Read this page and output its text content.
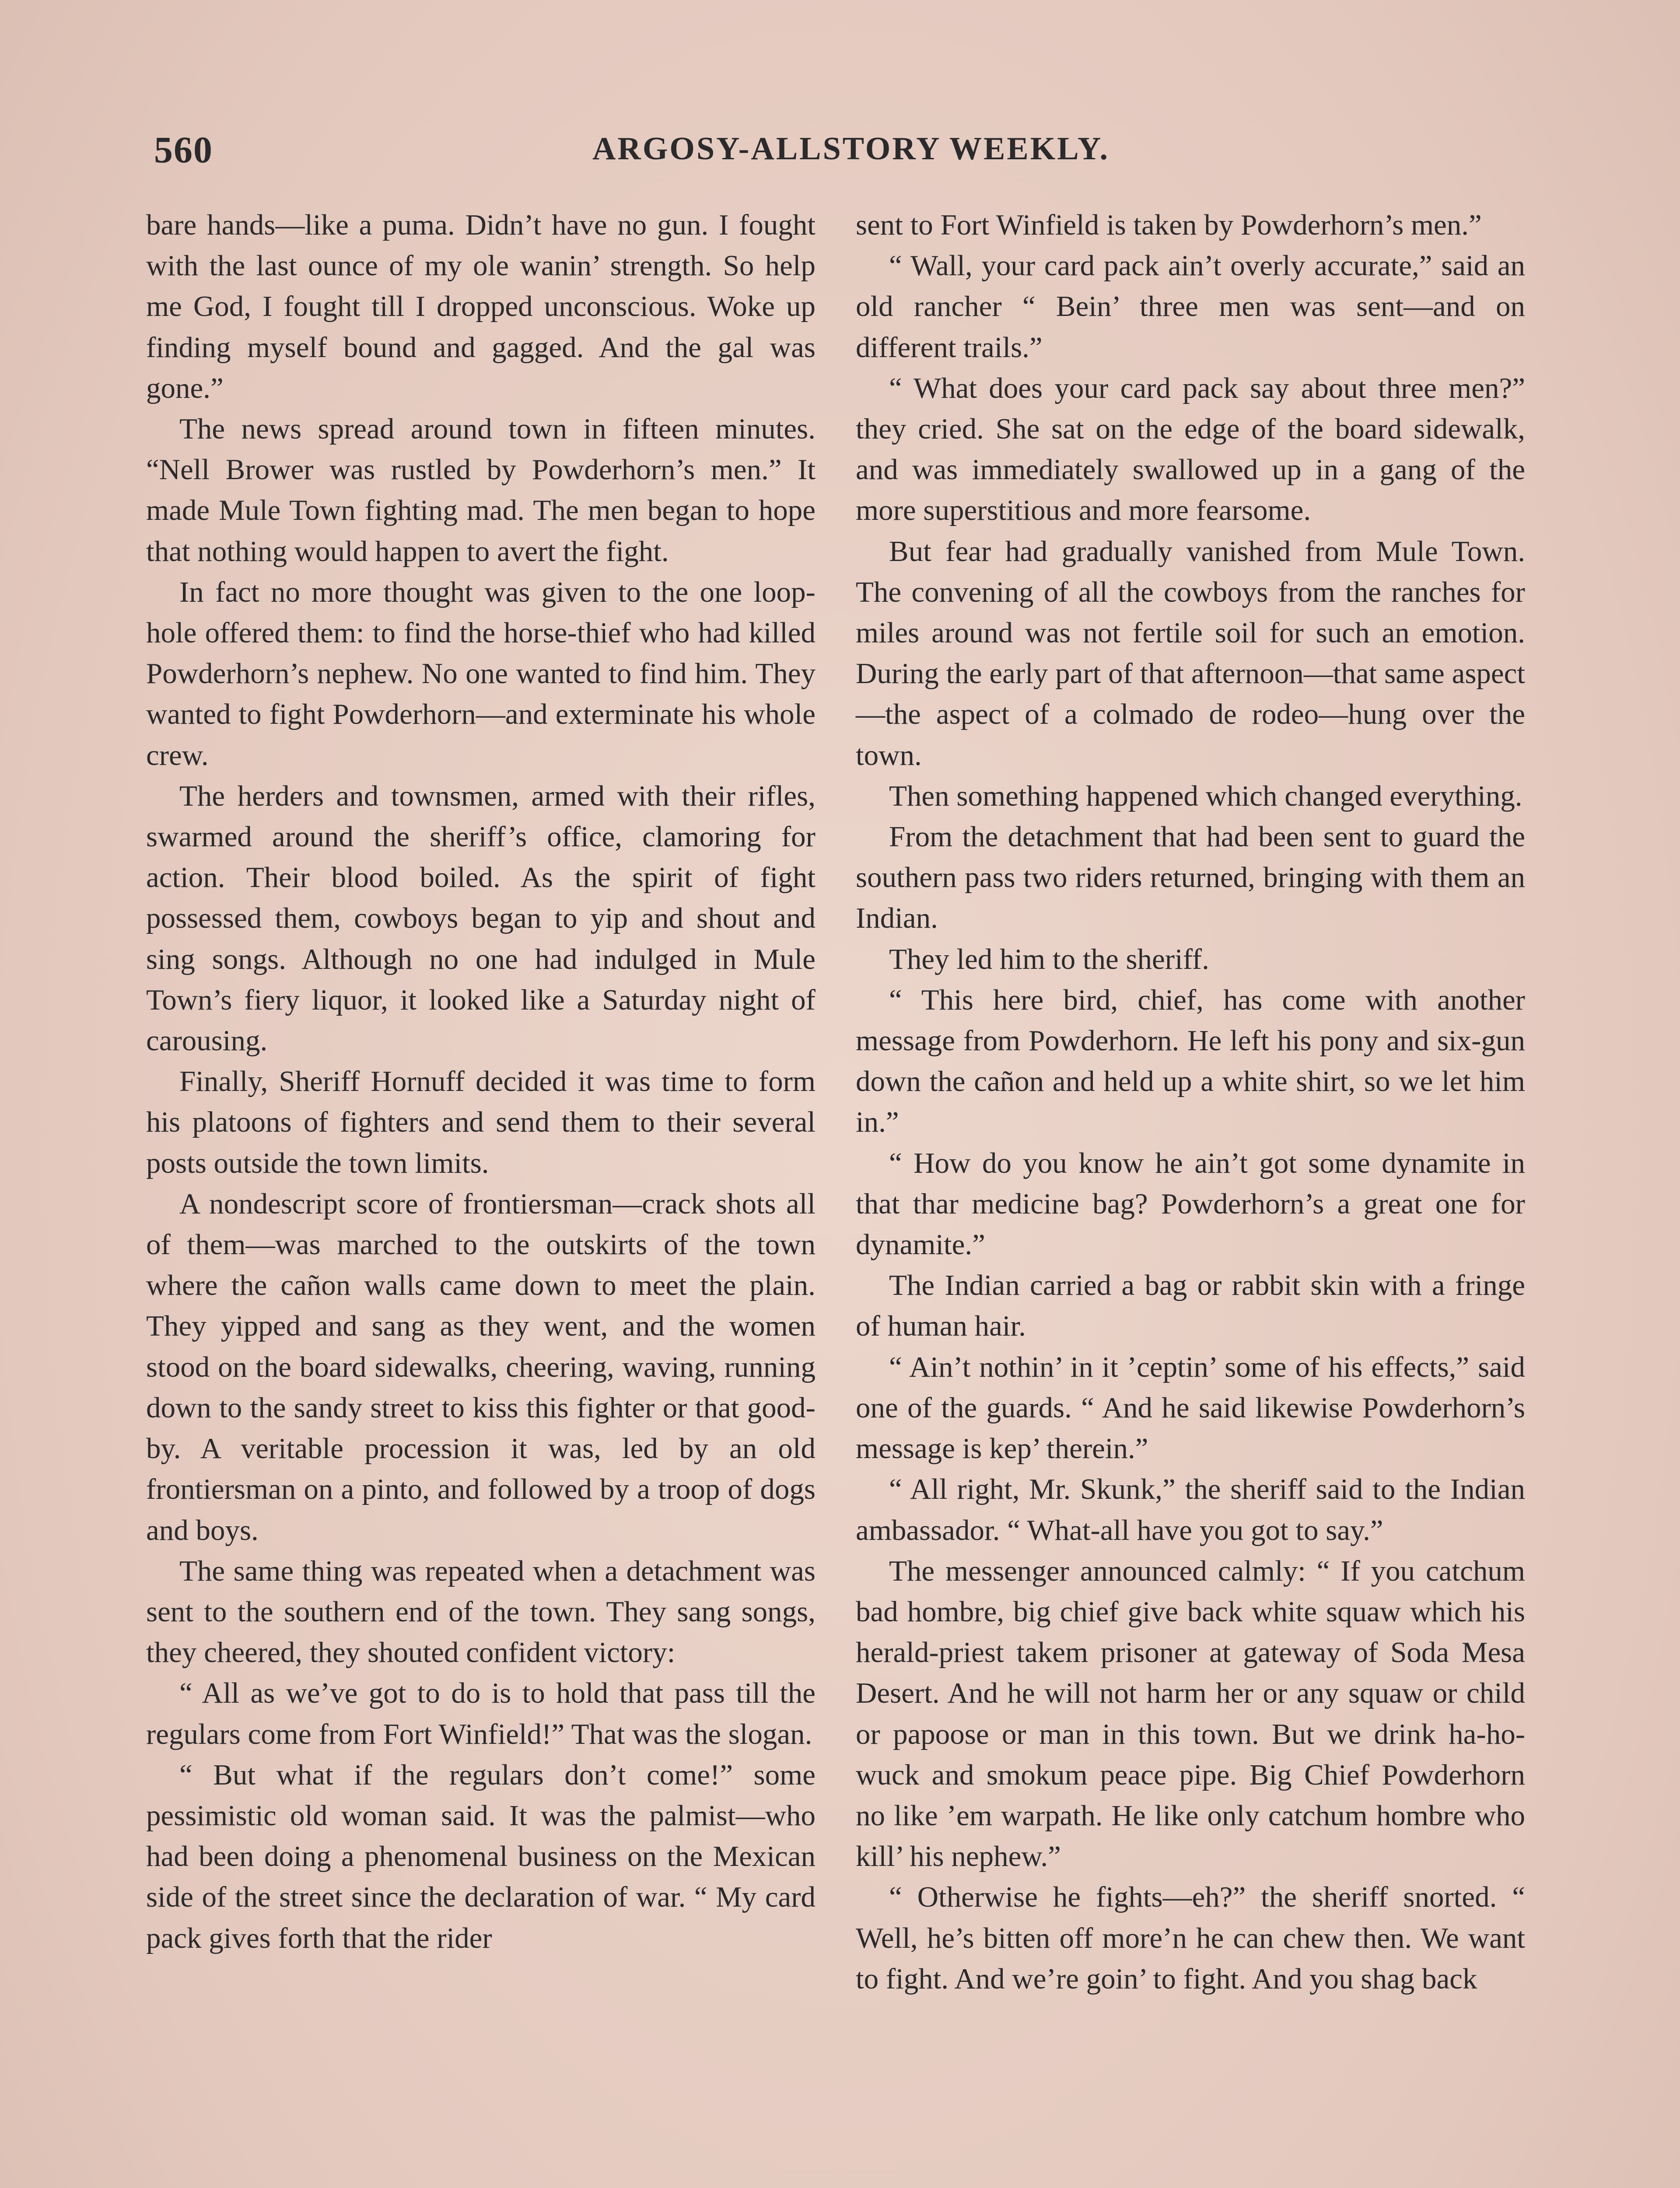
560	ARGOSY-ALLSTORY WEEKLY.

bare hands—like a puma. Didn’t have no gun. I fought with the last ounce of my ole wanin’ strength. So help me God, I fought till I dropped unconscious. Woke up finding myself bound and gagged. And the gal was gone.”

The news spread around town in fifteen minutes. “Nell Brower was rustled by Powderhorn’s men.” It made Mule Town fighting mad. The men began to hope that nothing would happen to avert the fight.

In fact no more thought was given to the one loop-hole offered them: to find the horse-thief who had killed Powderhorn’s nephew. No one wanted to find him. They wanted to fight Powderhorn—and exterminate his whole crew.

The herders and townsmen, armed with their rifles, swarmed around the sheriff’s office, clamoring for action. Their blood boiled. As the spirit of fight possessed them, cowboys began to yip and shout and sing songs. Although no one had indulged in Mule Town’s fiery liquor, it looked like a Saturday night of carousing.

Finally, Sheriff Hornuff decided it was time to form his platoons of fighters and send them to their several posts outside the town limits.

A nondescript score of frontiersman—crack shots all of them—was marched to the outskirts of the town where the cañon walls came down to meet the plain. They yipped and sang as they went, and the women stood on the board sidewalks, cheering, waving, running down to the sandy street to kiss this fighter or that good-by. A veritable procession it was, led by an old frontiersman on a pinto, and followed by a troop of dogs and boys.

The same thing was repeated when a detachment was sent to the southern end of the town. They sang songs, they cheered, they shouted confident victory:

“ All as we’ve got to do is to hold that pass till the regulars come from Fort Winfield!” That was the slogan.

“ But what if the regulars don’t come!” some pessimistic old woman said. It was the palmist—who had been doing a phenomenal business on the Mexican side of the street since the declaration of war. “ My card pack gives forth that the rider

sent to Fort Winfield is taken by Powderhorn’s men.”

“ Wall, your card pack ain’t overly accurate,” said an old rancher “ Bein’ three men was sent—and on different trails.”

“ What does your card pack say about three men?” they cried. She sat on the edge of the board sidewalk, and was immediately swallowed up in a gang of the more superstitious and more fearsome.

But fear had gradually vanished from Mule Town. The convening of all the cowboys from the ranches for miles around was not fertile soil for such an emotion. During the early part of that afternoon—that same aspect—the aspect of a colmado de rodeo—hung over the town.

Then something happened which changed everything.

From the detachment that had been sent to guard the southern pass two riders returned, bringing with them an Indian.

They led him to the sheriff.

“ This here bird, chief, has come with another message from Powderhorn. He left his pony and six-gun down the cañon and held up a white shirt, so we let him in.”

“ How do you know he ain’t got some dynamite in that thar medicine bag? Powderhorn’s a great one for dynamite.”

The Indian carried a bag or rabbit skin with a fringe of human hair.

“ Ain’t nothin’ in it ’ceptin’ some of his effects,” said one of the guards. “ And he said likewise Powderhorn’s message is kep’ therein.”

“ All right, Mr. Skunk,” the sheriff said to the Indian ambassador. “ What-all have you got to say.”

The messenger announced calmly: “ If you catchum bad hombre, big chief give back white squaw which his herald-priest takem prisoner at gateway of Soda Mesa Desert. And he will not harm her or any squaw or child or papoose or man in this town. But we drink ha-ho-wuck and smokum peace pipe. Big Chief Powderhorn no like ’em warpath. He like only catchum hombre who kill’ his nephew.”

“ Otherwise he fights—eh?” the sheriff snorted. “ Well, he’s bitten off more’n he can chew then. We want to fight. And we’re goin’ to fight. And you shag back
